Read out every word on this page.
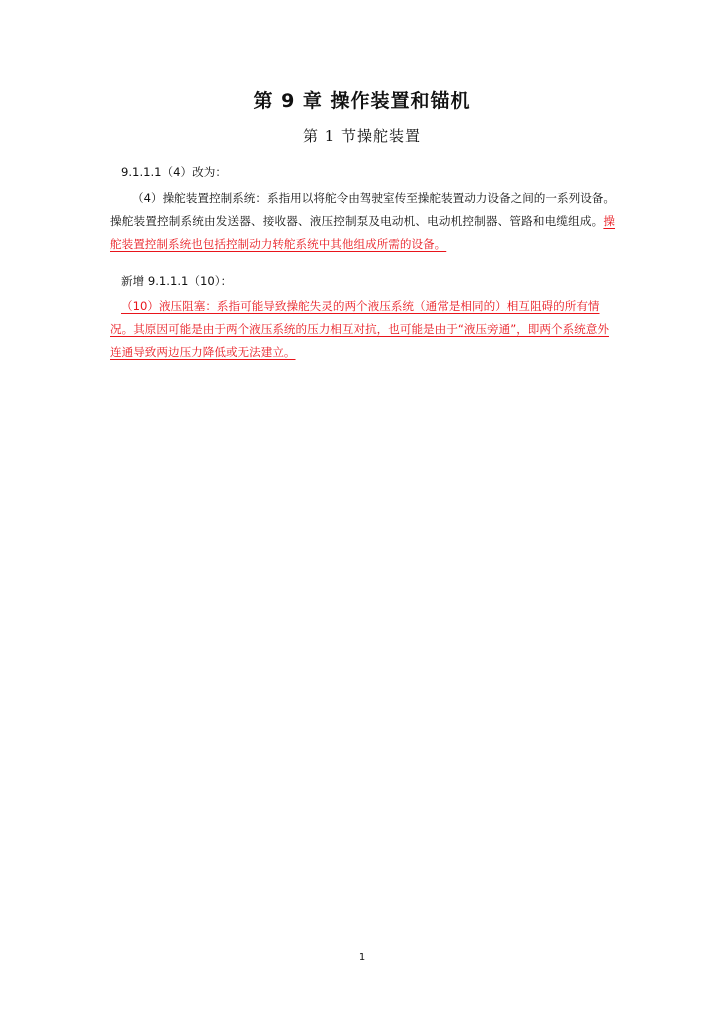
第 9 章 操作装置和锚机
第 1 节操舵装置
9.1.1.1（4）改为：
（4）操舵装置控制系统：系指用以将舵令由驾驶室传至操舵装置动力设备之间的一系列设备。操舵装置控制系统由发送器、接收器、液压控制泵及电动机、电动机控制器、管路和电缆组成。操舵装置控制系统也包括控制动力转舵系统中其他组成所需的设备。
新增 9.1.1.1（10）：
（10）液压阻塞：系指可能导致操舵失灵的两个液压系统（通常是相同的）相互阻碍的所有情况。其原因可能是由于两个液压系统的压力相互对抗，也可能是由于“液压旁通”，即两个系统意外连通导致两边压力降低或无法建立。
1
